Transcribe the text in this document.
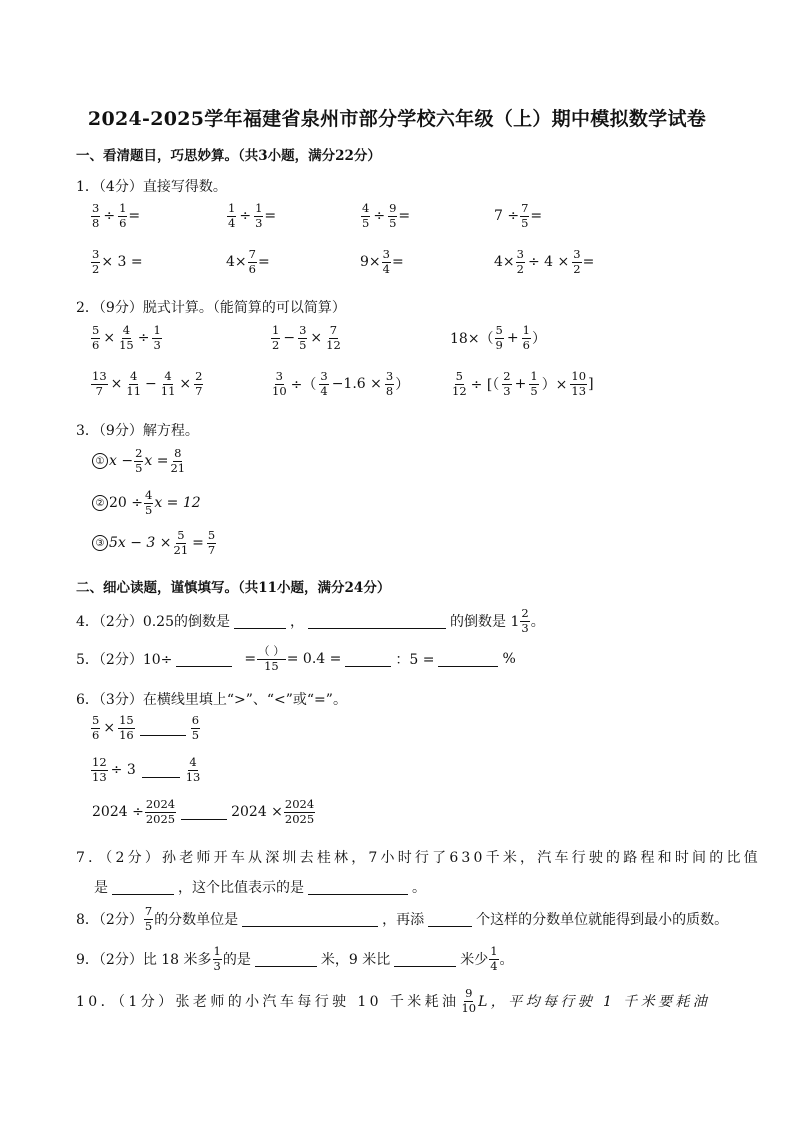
2024-2025学年福建省泉州市部分学校六年级（上）期中模拟数学试卷
一、看清题目，巧思妙算。（共3小题，满分22分）
1．（4分）直接写得数。
$\frac{3}{8} \div \frac{1}{6}$ =	$\frac{1}{4} \div \frac{1}{3}$ =	$\frac{4}{5} \div \frac{9}{5}$ =	$7 \div \frac{7}{5}$ =
$\frac{3}{2} \times 3$ =	$4\times \frac{7}{6}$ =	$9\times \frac{3}{4}$ =	$4\times \frac{3}{2} \div 4 \times \frac{3}{2}$ =
2．（9分）脱式计算。（能简算的可以简算）
$\frac{5}{6} \times \frac{4}{15} \div \frac{1}{3}$	$\frac{1}{2} - \frac{3}{5} \times \frac{7}{12}$	$18\times( \frac{5}{9} + \frac{1}{6}$ ）
$\frac{13}{7} \times \frac{4}{11} - \frac{4}{11} \times \frac{2}{7}$	$\frac{3}{10}$ ÷（ $\frac{3}{4} -1.6 \times \frac{3}{8}$ ）	$\frac{5}{12}$ ÷ [（ $\frac{2}{3} + \frac{1}{5}$ ）× $\frac{10}{13}$ ]
3．（9分）解方程。
① $x - \frac{2}{5}$ $x = \frac{8}{21}$
② $20 \div \frac{4}{5}$ x = 12
③ $5x - 3 \times \frac{5}{21} = \frac{5}{7}$
二、细心读题，谨慎填写。（共11小题，满分24分）
4．（2分）0.25的倒数是	，	的倒数是 $1 \frac{2}{3}$ 。
5．（2分）10÷	= $\frac{( )}{15} = 0.4$ =	：5 =	%
6．（3分）在横线里填上“>”、“<”或“=”。
$\frac{5}{6} \times \frac{15}{16}$	$\frac{6}{5}$
$\frac{12}{13} \div 3$	$\frac{4}{13}$
$2024 \div \frac{2024}{2025}$	$2024 \times \frac{2024}{2025}$
7．（2分）孙老师开车从深圳去桂林，7小时行了630千米，汽车行驶的路程和时间的比值
是	，这个比值表示的是	。
8．（2分） $\frac{7}{5}$ 的分数单位是	，再添	个这样的分数单位就能得到最小的质数。
9．（2分）比 18 米多 $\frac{1}{3}$ 的是	米，9 米比	米少 $\frac{1}{4}$ 。
10．（1分）张老师的小汽车每行驶 10 千米耗油 $\frac{9}{10}$ L，平均每行驶 1 千米要耗油
